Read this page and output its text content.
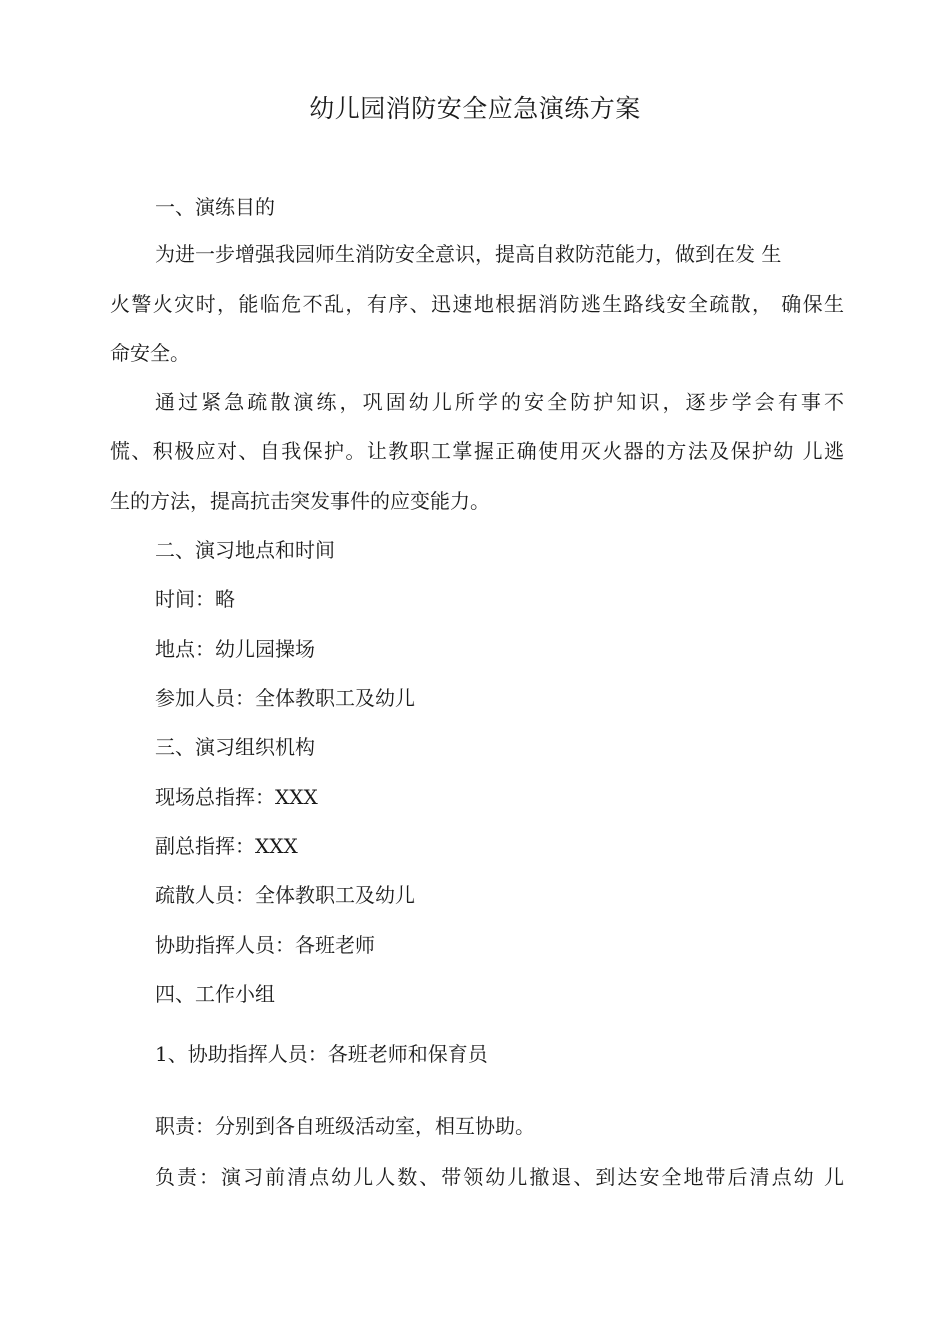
幼儿园消防安全应急演练方案
一、演练目的
为进一步增强我园师生消防安全意识，提高自救防范能力，做到在发 生
火警火灾时，能临危不乱，有序、迅速地根据消防逃生路线安全疏散， 确保生
命安全。
通过紧急疏散演练，巩固幼儿所学的安全防护知识，逐步学会有事不
慌、积极应对、自我保护。让教职工掌握正确使用灭火器的方法及保护幼 儿逃
生的方法，提高抗击突发事件的应变能力。
二、演习地点和时间
时间：略
地点：幼儿园操场
参加人员：全体教职工及幼儿
三、演习组织机构
现场总指挥：XXX
副总指挥：XXX
疏散人员：全体教职工及幼儿
协助指挥人员：各班老师
四、工作小组
1、协助指挥人员：各班老师和保育员
职责：分别到各自班级活动室，相互协助。
负责：演习前清点幼儿人数、带领幼儿撤退、到达安全地带后清点幼 儿
